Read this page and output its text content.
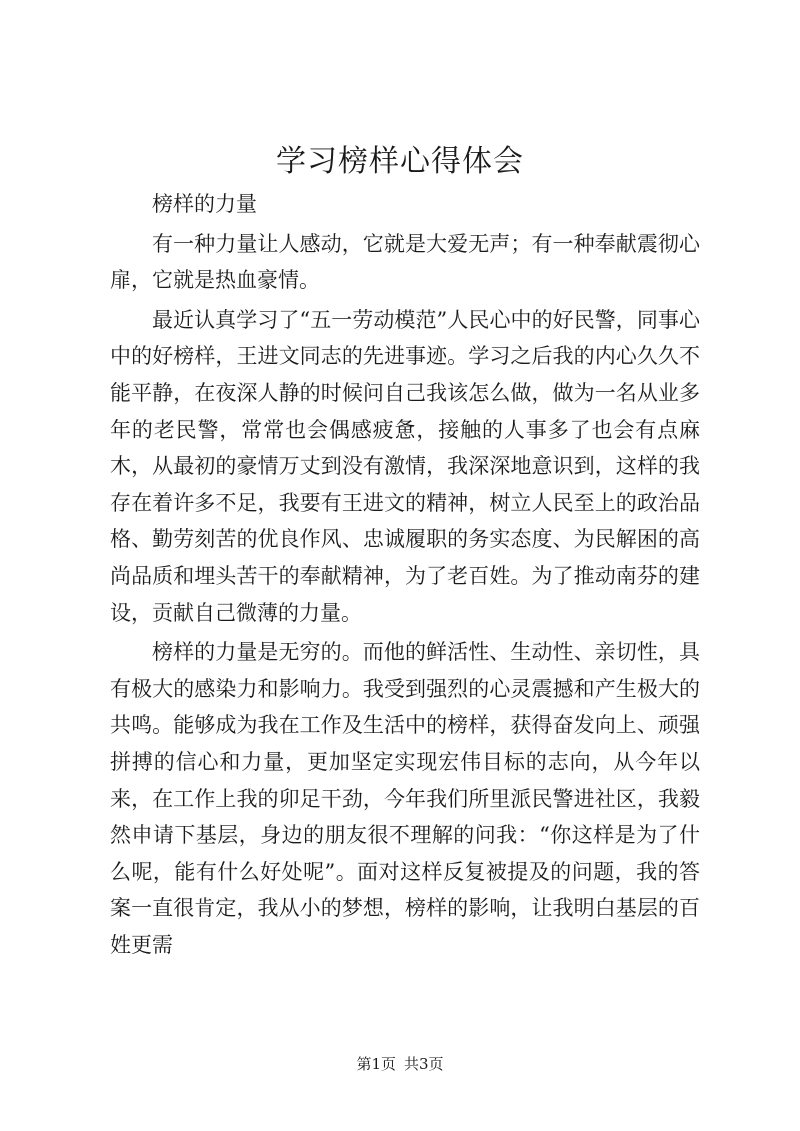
学习榜样心得体会

榜样的力量

有一种力量让人感动，它就是大爱无声；有一种奉献震彻心扉，它就是热血豪情。

最近认真学习了“五一劳动模范”人民心中的好民警，同事心中的好榜样，王进文同志的先进事迹。学习之后我的内心久久不能平静，在夜深人静的时候问自己我该怎么做，做为一名从业多年的老民警，常常也会偶感疲惫，接触的人事多了也会有点麻木，从最初的豪情万丈到没有激情，我深深地意识到，这样的我存在着许多不足，我要有王进文的精神，树立人民至上的政治品格、勤劳刻苦的优良作风、忠诚履职的务实态度、为民解困的高尚品质和埋头苦干的奉献精神，为了老百姓。为了推动南芬的建设，贡献自己微薄的力量。

榜样的力量是无穷的。而他的鲜活性、生动性、亲切性，具有极大的感染力和影响力。我受到强烈的心灵震撼和产生极大的共鸣。能够成为我在工作及生活中的榜样，获得奋发向上、顽强拼搏的信心和力量，更加坚定实现宏伟目标的志向，从今年以来，在工作上我的卯足干劲，今年我们所里派民警进社区，我毅然申请下基层，身边的朋友很不理解的问我：“你这样是为了什么呢，能有什么好处呢”。面对这样反复被提及的问题，我的答案一直很肯定，我从小的梦想，榜样的影响，让我明白基层的百姓更需

第1页 共3页
